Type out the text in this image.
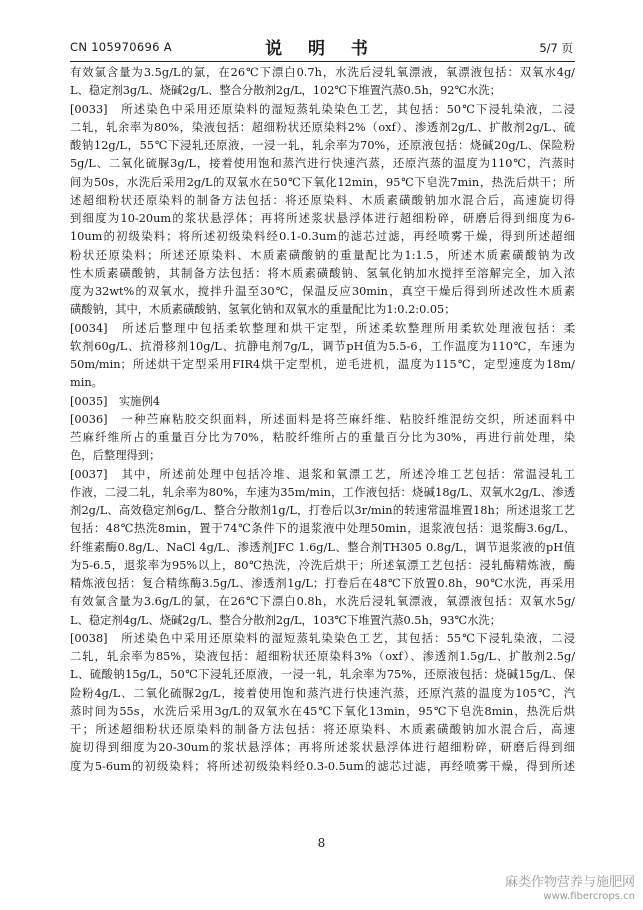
CN 105970696 A	说 明 书	5/7 页
有效氯含量为3.5g/L的氯，在26℃下漂白0.7h，水洗后浸轧氧漂液，氧漂液包括：双氧水4g/
L、稳定剂3g/L、烧碱2g/L、整合分散剂2g/L，102℃下堆置汽蒸0.5h，92℃水洗；
[0033]　所述染色中采用还原染料的湿短蒸轧染染色工艺，其包括：50℃下浸轧染液，二浸
二轧，轧余率为80%，染液包括：超细粉状还原染料2%（oxf）、渗透剂2g/L、扩散剂2g/L、硫
酸钠12g/L，55℃下浸轧还原液，一浸一轧，轧余率为70%，还原液包括：烧碱20g/L、保险粉
5g/L、二氧化硫脲3g/L，接着使用饱和蒸汽进行快速汽蒸，还原汽蒸的温度为110℃，汽蒸时
间为50s，水洗后采用2g/L的双氧水在50℃下氧化12min，95℃下皂洗7min，热洗后烘干；所
述超细粉状还原染料的制备方法包括：将还原染料、木质素磺酸钠加水混合后，高速旋切得
到细度为10-20um的浆状悬浮体；再将所述浆状悬浮体进行超细粉碎，研磨后得到细度为6-
10um的初级染料；将所述初级染料经0.1-0.3um的滤芯过滤，再经喷雾干燥，得到所述超细
粉状还原染料；所述还原染料、木质素磺酸钠的重量配比为1:1.5，所述木质素磺酸钠为改
性木质素磺酸钠，其制备方法包括：将木质素磺酸钠、氢氧化钠加水搅拌至溶解完全，加入浓
度为32wt%的双氧水，搅拌升温至30℃，保温反应30min，真空干燥后得到所述改性木质素
磺酸钠，其中，木质素磺酸钠、氢氧化钠和双氧水的重量配比为1:0.2:0.05；
[0034]　所述后整理中包括柔软整理和烘干定型，所述柔软整理所用柔软处理液包括：柔
软剂60g/L、抗滑移剂10g/L、抗静电剂7g/L，调节pH值为5.5-6，工作温度为110℃，车速为
50m/min；所述烘干定型采用FIR4烘干定型机，逆毛进机，温度为115℃，定型速度为18m/
min。
[0035]　实施例4
[0036]　一种苎麻粘胶交织面料，所述面料是将苎麻纤维、粘胶纤维混纺交织，所述面料中
苎麻纤维所占的重量百分比为70%，粘胶纤维所占的重量百分比为30%，再进行前处理，染
色，后整理得到；
[0037]　其中，所述前处理中包括冷堆、退浆和氧漂工艺，所述冷堆工艺包括：常温浸轧工
作液，二浸二轧，轧余率为80%，车速为35m/min，工作液包括：烧碱18g/L、双氧水2g/L、渗透
剂2g/L、高效稳定剂6g/L、整合分散剂1g/L，打卷后以3r/min的转速常温堆置18h；所述退浆工艺
包括：48℃热洗8min，置于74℃条件下的退浆液中处理50min，退浆液包括：退浆酶3.6g/L、
纤维素酶0.8g/L、NaCl 4g/L、渗透剂JFC 1.6g/L、整合剂TH305 0.8g/L，调节退浆液的pH值
为5-6.5，退浆率为95%以上，80℃热洗，冷洗后烘干；所述氧漂工艺包括：浸轧酶精炼液，酶
精炼液包括：复合精练酶3.5g/L、渗透剂1g/L；打卷后在48℃下放置0.8h，90℃水洗，再采用
有效氯含量为3.6g/L的氯，在26℃下漂白0.8h，水洗后浸轧氧漂液，氧漂液包括：双氧水5g/
L、稳定剂4g/L、烧碱2g/L、整合分散剂2g/L，103℃下堆置汽蒸0.5h，93℃水洗；
[0038]　所述染色中采用还原染料的湿短蒸轧染染色工艺，其包括：55℃下浸轧染液，二浸
二轧，轧余率为85%，染液包括：超细粉状还原染料3%（oxf）、渗透剂1.5g/L、扩散剂2.5g/
L、硫酸钠15g/L，50℃下浸轧还原液，一浸一轧，轧余率为75%，还原液包括：烧碱15g/L、保
险粉4g/L、二氧化硫脲2g/L，接着使用饱和蒸汽进行快速汽蒸，还原汽蒸的温度为105℃，汽
蒸时间为55s，水洗后采用3g/L的双氧水在45℃下氧化13min，95℃下皂洗8min，热洗后烘
干；所述超细粉状还原染料的制备方法包括：将还原染料、木质素磺酸钠加水混合后，高速
旋切得到细度为20-30um的浆状悬浮体；再将所述浆状悬浮体进行超细粉碎，研磨后得到细
度为5-6um的初级染料；将所述初级染料经0.3-0.5um的滤芯过滤，再经喷雾干燥，得到所述
8
麻类作物营养与施肥网
www.fibercrops.cn
